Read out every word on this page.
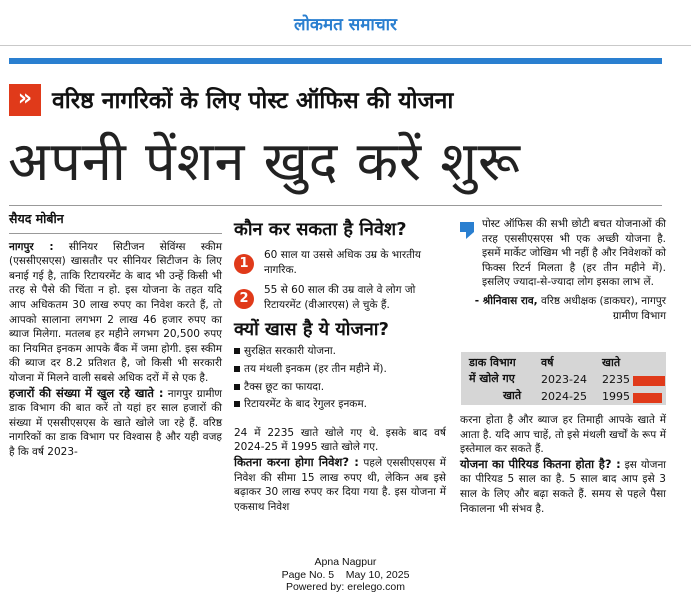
लोकमत समाचार
» वरिष्ठ नागरिकों के लिए पोस्ट ऑफिस की योजना
अपनी पेंशन खुद करें शुरू
सैयद मोबीन

नागपुर : सीनियर सिटीजन सेविंग्स स्कीम (एससीएसएस) खासतौर पर सीनियर सिटीजन के लिए बनाई गई है, ताकि रिटायरमेंट के बाद भी उन्हें किसी भी तरह से पैसे की चिंता न हो. इस योजना के तहत यदि आप अधिकतम 30 लाख रुपए का निवेश करते हैं, तो आपको सालाना लगभग 2 लाख 46 हजार रुपए का ब्याज मिलेगा. मतलब हर महीने लगभग 20,500 रुपए का नियमित इनकम आपके बैंक में जमा होगी. इस स्कीम की ब्याज दर 8.2 प्रतिशत है, जो किसी भी सरकारी योजना में मिलने वाली सबसे अधिक दरों में से एक है.

हजारों की संख्या में खुल रहे खाते : नागपुर ग्रामीण डाक विभाग की बात करें तो यहां हर साल हजारों की संख्या में एससीएसएस के खाते खोले जा रहे हैं. वरिष्ठ नागरिकों का डाक विभाग पर विश्वास है और यही वजह है कि वर्ष 2023-

कौन कर सकता है निवेश?
1
60 साल या उससे अधिक उम्र के भारतीय नागरिक.
2
55 से 60 साल की उम्र वाले वे लोग जो रिटायरमेंट (वीआरएस) ले चुके हैं.
क्यों खास है ये योजना?
सुरक्षित सरकारी योजना.
तय मंथली इनकम (हर तीन महीने में).
टैक्स छूट का फायदा.
रिटायरमेंट के बाद रेगुलर इनकम.

24 में 2235 खाते खोले गए थे. इसके बाद वर्ष 2024-25 में 1995 खाते खोले गए.

कितना करना होगा निवेश? : पहले एससीएसएस में निवेश की सीमा 15 लाख रुपए थी, लेकिन अब इसे बढ़ाकर 30 लाख रुपए कर दिया गया है. इस योजना में एकसाथ निवेश

पोस्ट ऑफिस की सभी छोटी बचत योजनाओं की तरह एससीएसएस भी एक अच्छी योजना है. इसमें मार्केट जोखिम भी नहीं है और निवेशकों को फिक्स रिटर्न मिलता है (हर तीन महीने में). इसलिए ज्यादा-से-ज्यादा लोग इसका लाभ लें.

- श्रीनिवास राव, वरिष्ठ अधीक्षक (डाकघर), नागपुर ग्रामीण विभाग

डाक विभाग
में खोले गए
खाते
वर्ष	खाते
2023-24 2235
2024-25 1995

करना होता है और ब्याज हर तिमाही आपके खाते में आता है. यदि आप चाहें, तो इसे मंथली खर्चों के रूप में इस्तेमाल कर सकते हैं.

योजना का पीरियड कितना होता है? : इस योजना का पीरियड 5 साल का है. 5 साल बाद आप इसे 3 साल के लिए और बढ़ा सकते हैं. समय से पहले पैसा निकालना भी संभव है.

Apna Nagpur
Page No. 5    May 10, 2025
Powered by: erelego.com
